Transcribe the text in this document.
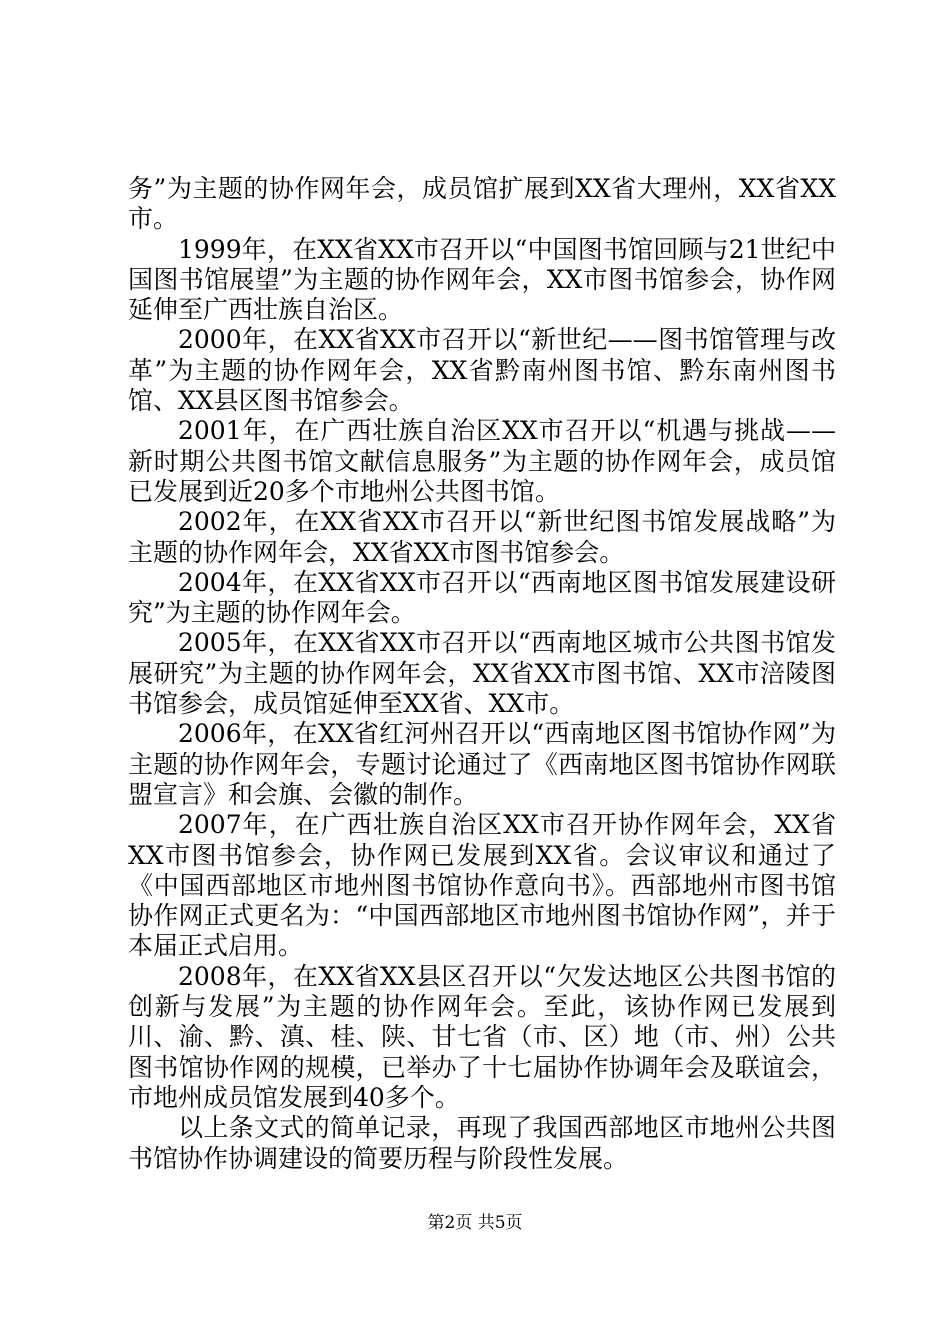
务”为主题的协作网年会，成员馆扩展到XX省大理州，XX省XX市。

1999年，在XX省XX市召开以“中国图书馆回顾与21世纪中国图书馆展望”为主题的协作网年会，XX市图书馆参会，协作网延伸至广西壮族自治区。

2000年，在XX省XX市召开以“新世纪——图书馆管理与改革”为主题的协作网年会，XX省黔南州图书馆、黔东南州图书馆、XX县区图书馆参会。

2001年，在广西壮族自治区XX市召开以“机遇与挑战——新时期公共图书馆文献信息服务”为主题的协作网年会，成员馆已发展到近20多个市地州公共图书馆。

2002年，在XX省XX市召开以“新世纪图书馆发展战略”为主题的协作网年会，XX省XX市图书馆参会。

2004年，在XX省XX市召开以“西南地区图书馆发展建设研究”为主题的协作网年会。

2005年，在XX省XX市召开以“西南地区城市公共图书馆发展研究”为主题的协作网年会，XX省XX市图书馆、XX市涪陵图书馆参会，成员馆延伸至XX省、XX市。

2006年，在XX省红河州召开以“西南地区图书馆协作网”为主题的协作网年会，专题讨论通过了《西南地区图书馆协作网联盟宣言》和会旗、会徽的制作。

2007年，在广西壮族自治区XX市召开协作网年会，XX省XX市图书馆参会，协作网已发展到XX省。会议审议和通过了《中国西部地区市地州图书馆协作意向书》。西部地州市图书馆协作网正式更名为：“中国西部地区市地州图书馆协作网”，并于本届正式启用。

2008年，在XX省XX县区召开以“欠发达地区公共图书馆的创新与发展”为主题的协作网年会。至此，该协作网已发展到川、渝、黔、滇、桂、陕、甘七省（市、区）地（市、州）公共图书馆协作网的规模，已举办了十七届协作协调年会及联谊会，市地州成员馆发展到40多个。

以上条文式的简单记录，再现了我国西部地区市地州公共图书馆协作协调建设的简要历程与阶段性发展。

第2页 共5页
